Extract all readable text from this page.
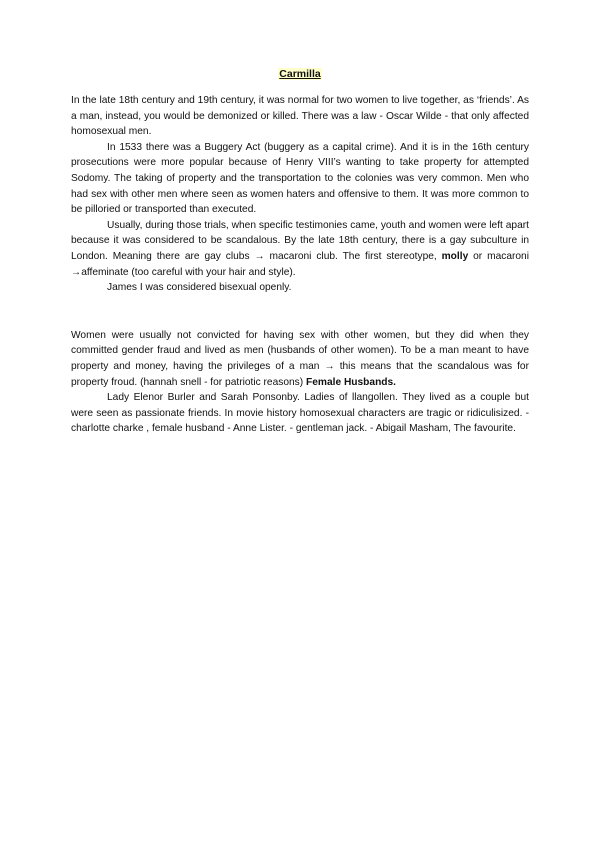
Carmilla

In the late 18th century and 19th century, it was normal for two women to live together, as ‘friends’. As a man, instead, you would be demonized or killed. There was a law - Oscar Wilde - that only affected homosexual men.

In 1533 there was a Buggery Act (buggery as a capital crime). And it is in the 16th century prosecutions were more popular because of Henry VIII’s wanting to take property for attempted Sodomy. The taking of property and the transportation to the colonies was very common. Men who had sex with other men where seen as women haters and offensive to them. It was more common to be pilloried or transported than executed.

Usually, during those trials, when specific testimonies came, youth and women were left apart because it was considered to be scandalous. By the late 18th century, there is a gay subculture in London. Meaning there are gay clubs → macaroni club. The first stereotype, molly or macaroni →affeminate (too careful with your hair and style).

James I was considered bisexual openly.

Women were usually not convicted for having sex with other women, but they did when they committed gender fraud and lived as men (husbands of other women). To be a man meant to have property and money, having the privileges of a man → this means that the scandalous was for property froud. (hannah snell - for patriotic reasons) Female Husbands.

Lady Elenor Burler and Sarah Ponsonby. Ladies of llangollen. They lived as a couple but were seen as passionate friends. In movie history homosexual characters are tragic or ridiculisized. - charlotte charke , female husband - Anne Lister. - gentleman jack. - Abigail Masham, The favourite.
